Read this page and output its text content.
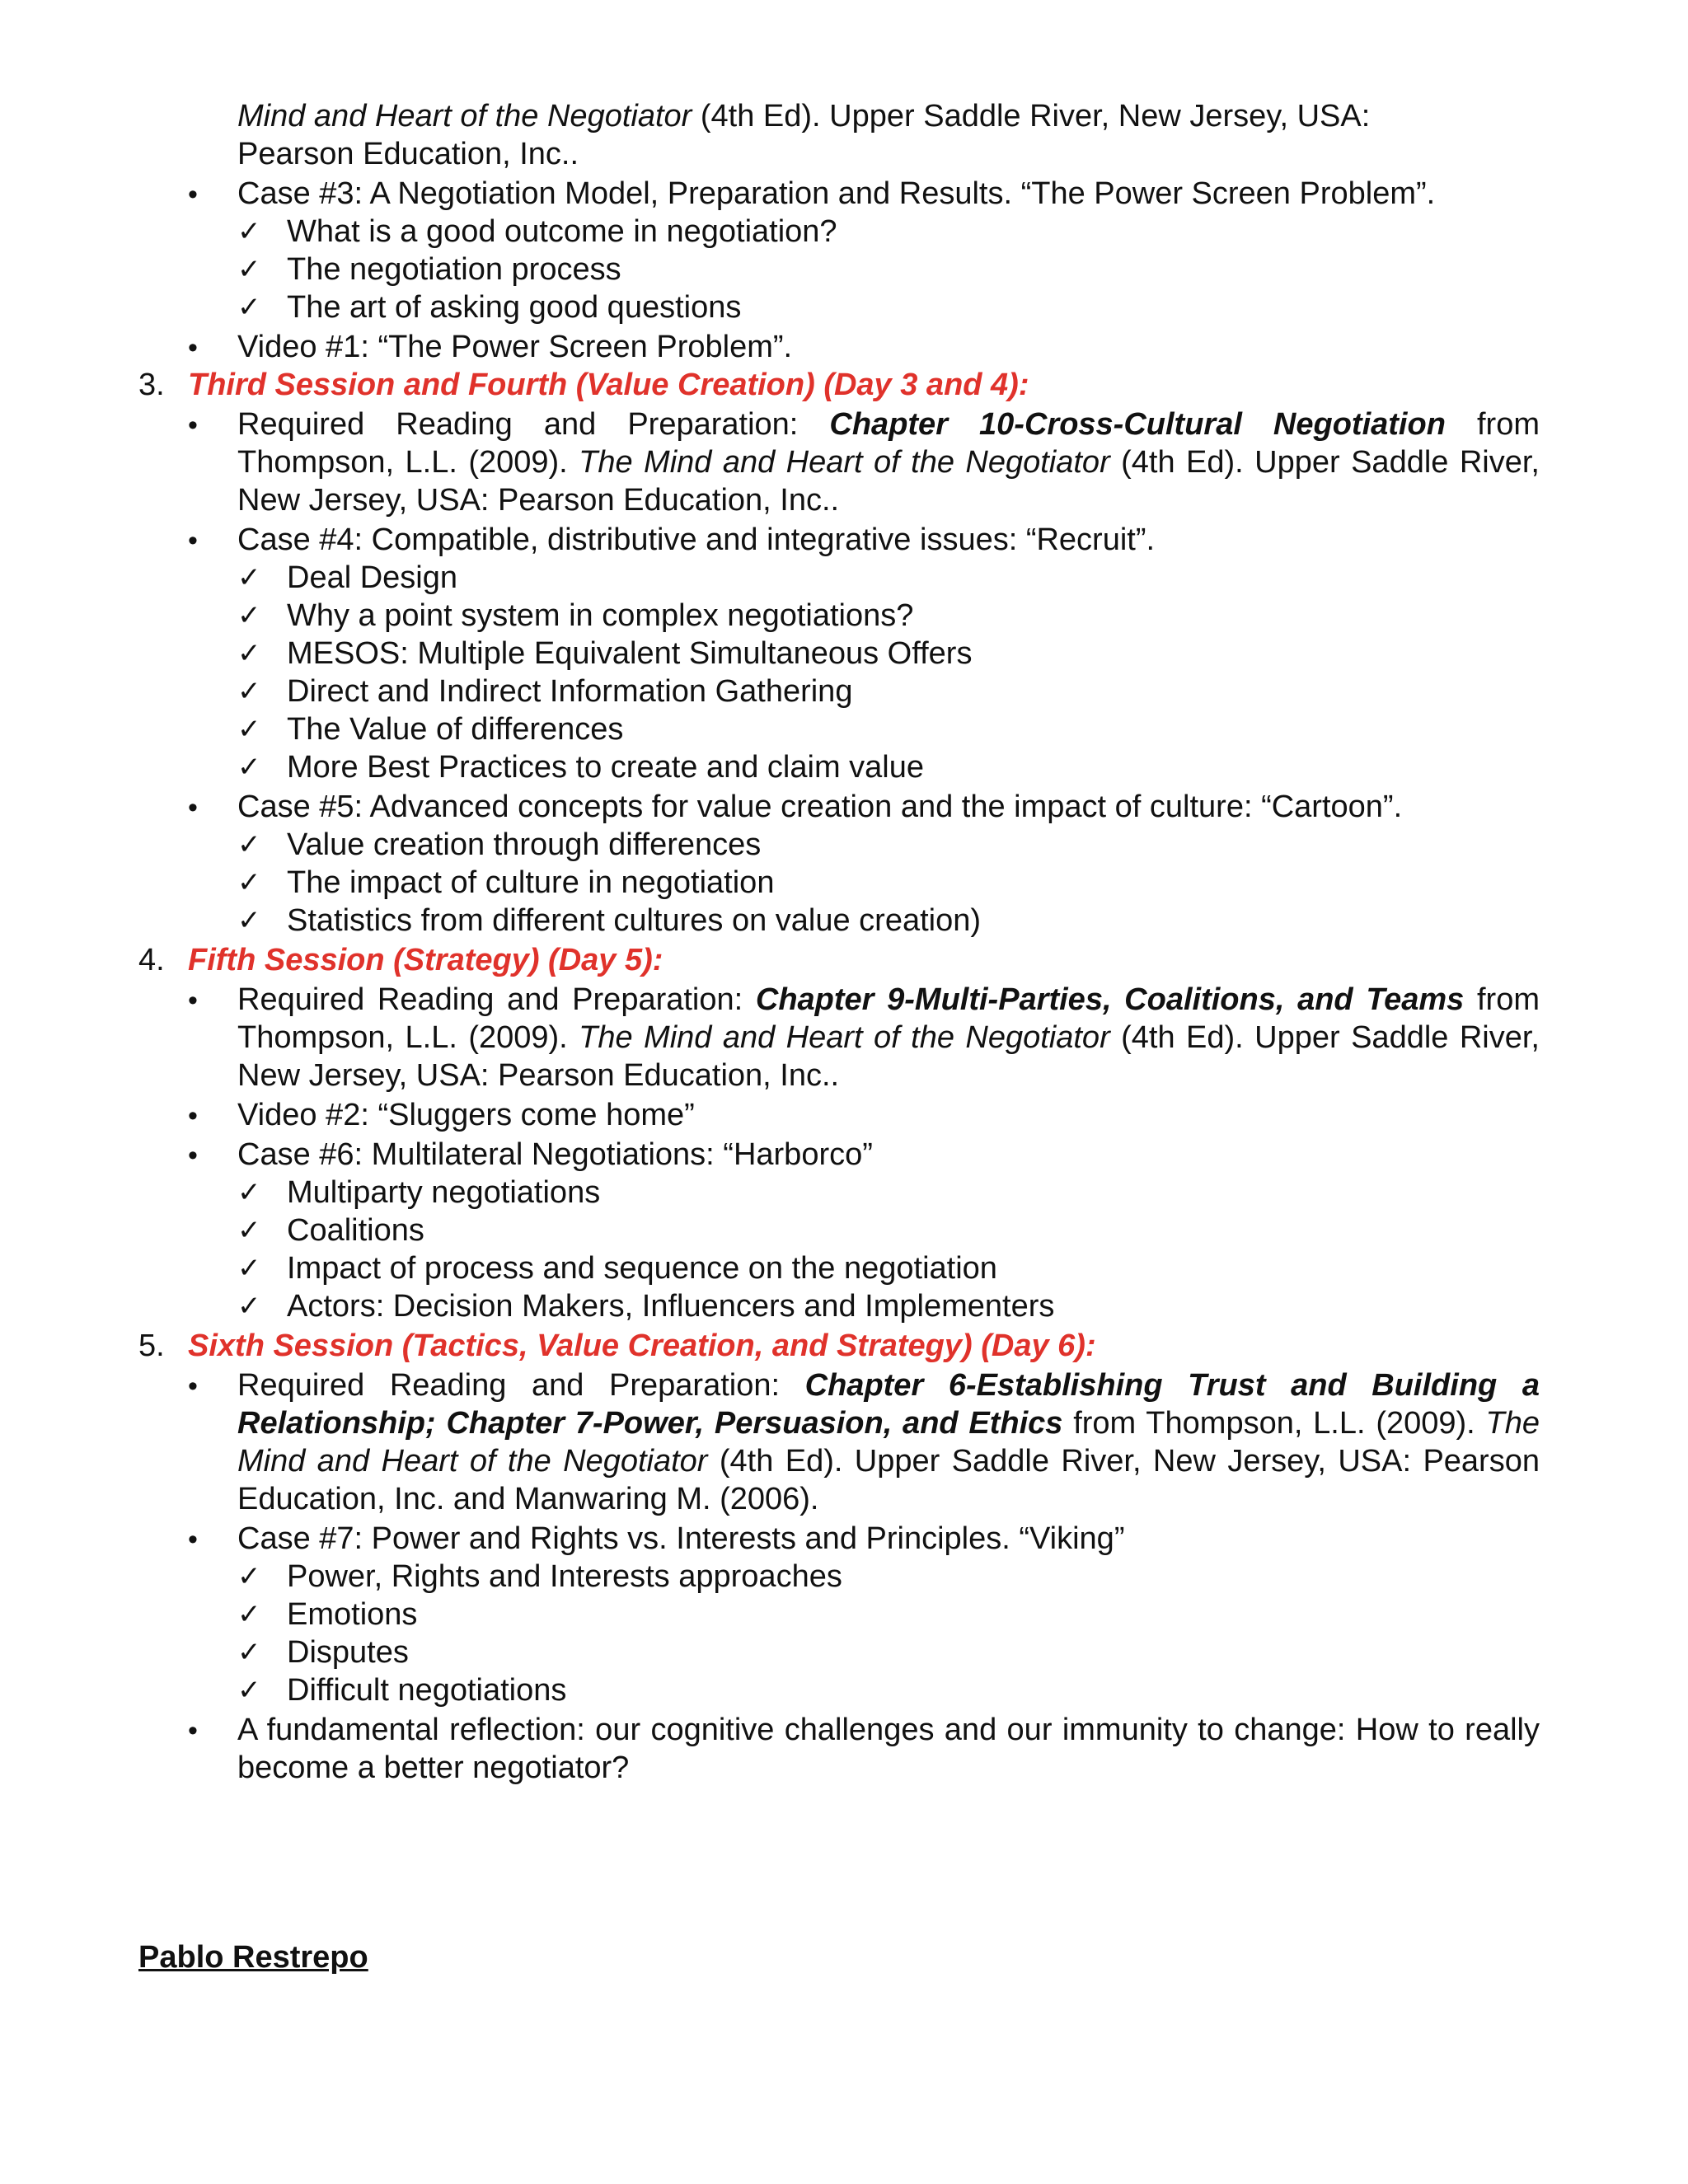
Mind and Heart of the Negotiator (4th Ed). Upper Saddle River, New Jersey, USA:
Pearson Education, Inc..
•
Case #3: A Negotiation Model, Preparation and Results. “The Power Screen Problem”.
✓ What is a good outcome in negotiation?
✓ The negotiation process
✓ The art of asking good questions
•
Video #1: “The Power Screen Problem”.
3. Third Session and Fourth (Value Creation) (Day 3 and 4):
•
Required Reading and Preparation: Chapter 10-Cross-Cultural Negotiation from Thompson, L.L. (2009). The Mind and Heart of the Negotiator (4th Ed). Upper Saddle River, New Jersey, USA: Pearson Education, Inc..
•
Case #4: Compatible, distributive and integrative issues: “Recruit”.
✓ Deal Design
✓ Why a point system in complex negotiations?
✓ MESOS: Multiple Equivalent Simultaneous Offers
✓ Direct and Indirect Information Gathering
✓ The Value of differences
✓ More Best Practices to create and claim value
•
Case #5: Advanced concepts for value creation and the impact of culture: “Cartoon”.
✓ Value creation through differences
✓ The impact of culture in negotiation
✓ Statistics from different cultures on value creation)
4. Fifth Session (Strategy) (Day 5):
•
Required Reading and Preparation: Chapter 9-Multi-Parties, Coalitions, and Teams from Thompson, L.L. (2009). The Mind and Heart of the Negotiator (4th Ed). Upper Saddle River, New Jersey, USA: Pearson Education, Inc..
•
Video #2: “Sluggers come home”
•
Case #6: Multilateral Negotiations: “Harborco”
✓ Multiparty negotiations
✓ Coalitions
✓ Impact of process and sequence on the negotiation
✓ Actors: Decision Makers, Influencers and Implementers
5. Sixth Session (Tactics, Value Creation, and Strategy) (Day 6):
•
Required Reading and Preparation: Chapter 6-Establishing Trust and Building a Relationship; Chapter 7-Power, Persuasion, and Ethics from Thompson, L.L. (2009). The Mind and Heart of the Negotiator (4th Ed). Upper Saddle River, New Jersey, USA: Pearson Education, Inc. and Manwaring M. (2006).
•
Case #7: Power and Rights vs. Interests and Principles. “Viking”
✓ Power, Rights and Interests approaches
✓ Emotions
✓ Disputes
✓ Difficult negotiations
•
A fundamental reflection: our cognitive challenges and our immunity to change: How to really become a better negotiator?
Pablo Restrepo
